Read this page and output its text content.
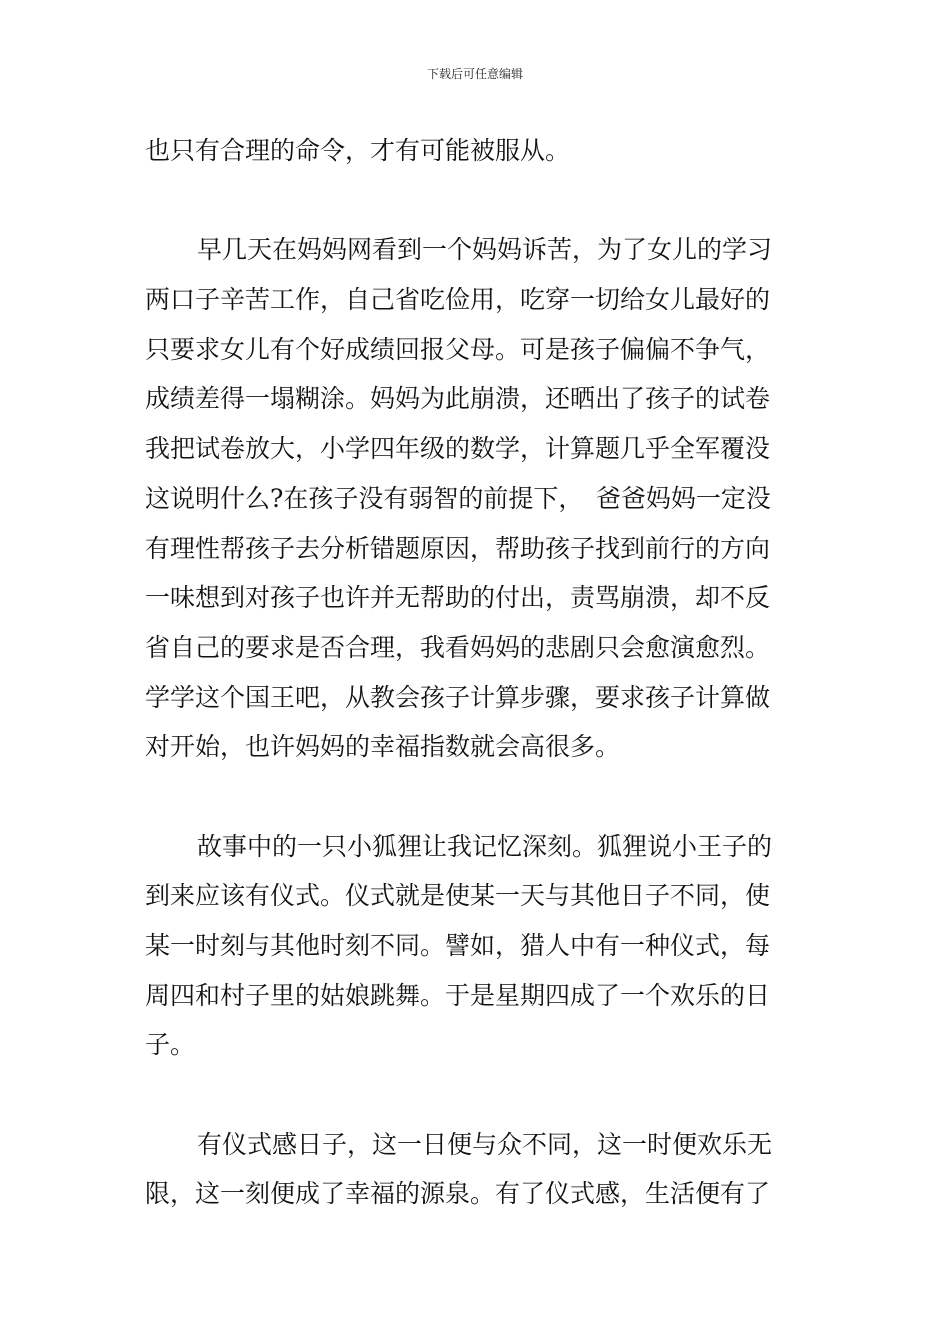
下载后可任意编辑
也只有合理的命令，才有可能被服从。
早几天在妈妈网看到一个妈妈诉苦，为了女儿的学习
两口子辛苦工作，自己省吃俭用，吃穿一切给女儿最好的
只要求女儿有个好成绩回报父母。可是孩子偏偏不争气，
成绩差得一塌糊涂。妈妈为此崩溃，还晒出了孩子的试卷
我把试卷放大，小学四年级的数学，计算题几乎全军覆没
这说明什么?在孩子没有弱智的前提下，　爸爸妈妈一定没
有理性帮孩子去分析错题原因，帮助孩子找到前行的方向
一味想到对孩子也许并无帮助的付出，责骂崩溃，却不反
省自己的要求是否合理，我看妈妈的悲剧只会愈演愈烈。
学学这个国王吧，从教会孩子计算步骤，要求孩子计算做
对开始，也许妈妈的幸福指数就会高很多。
故事中的一只小狐狸让我记忆深刻。狐狸说小王子的
到来应该有仪式。仪式就是使某一天与其他日子不同，使
某一时刻与其他时刻不同。譬如，猎人中有一种仪式，每
周四和村子里的姑娘跳舞。于是星期四成了一个欢乐的日
子。
有仪式感日子，这一日便与众不同，这一时便欢乐无
限，这一刻便成了幸福的源泉。有了仪式感，生活便有了
